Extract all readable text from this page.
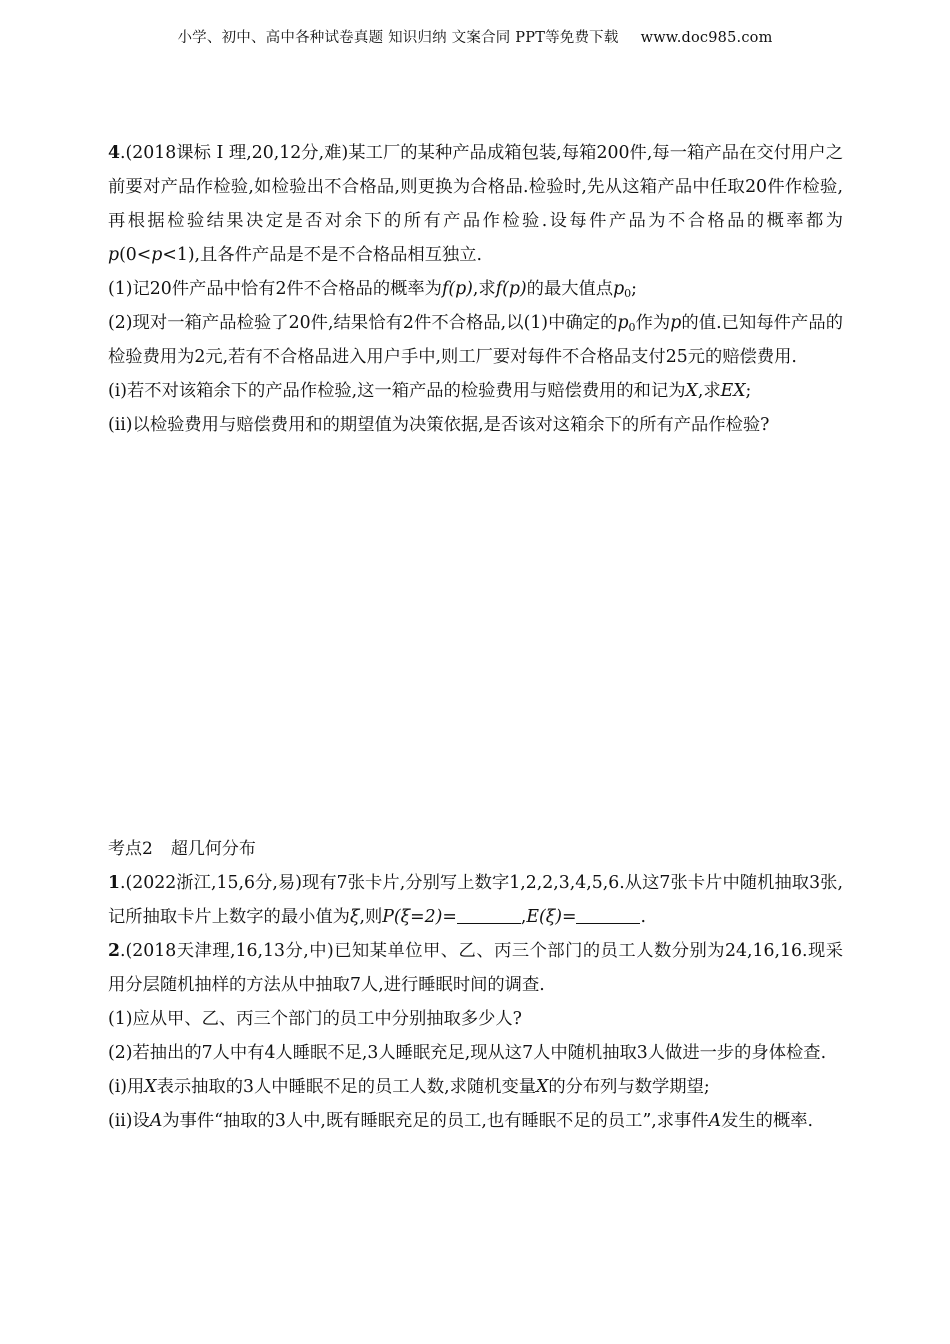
小学、初中、高中各种试卷真题 知识归纳 文案合同 PPT等免费下载 www.doc985.com

4.(2018课标 Ⅰ 理,20,12分,难)某工厂的某种产品成箱包装,每箱200件,每一箱产品在交付用户之前要对产品作检验,如检验出不合格品,则更换为合格品.检验时,先从这箱产品中任取20件作检验,再根据检验结果决定是否对余下的所有产品作检验.设每件产品为不合格品的概率都为p(0<p<1),且各件产品是不是不合格品相互独立.

(1)记20件产品中恰有2件不合格品的概率为f(p),求f(p)的最大值点$p_0$;

(2)现对一箱产品检验了20件,结果恰有2件不合格品,以(1)中确定的$p_0$作为p的值.已知每件产品的检验费用为2元,若有不合格品进入用户手中,则工厂要对每件不合格品支付25元的赔偿费用.

(i)若不对该箱余下的产品作检验,这一箱产品的检验费用与赔偿费用的和记为X,求EX;

(ii)以检验费用与赔偿费用和的期望值为决策依据,是否该对这箱余下的所有产品作检验?

考点2 超几何分布

1.(2022浙江,15,6分,易)现有7张卡片,分别写上数字1,2,2,3,4,5,6.从这7张卡片中随机抽取3张,记所抽取卡片上数字的最小值为ξ,则P(ξ=2)=	,E(ξ)=	.

2.(2018天津理,16,13分,中)已知某单位甲、乙、丙三个部门的员工人数分别为24,16,16.现采用分层随机抽样的方法从中抽取7人,进行睡眠时间的调查.

(1)应从甲、乙、丙三个部门的员工中分别抽取多少人?

(2)若抽出的7人中有4人睡眠不足,3人睡眠充足,现从这7人中随机抽取3人做进一步的身体检查.

(i)用X表示抽取的3人中睡眠不足的员工人数,求随机变量X的分布列与数学期望;

(ii)设A为事件“抽取的3人中,既有睡眠充足的员工,也有睡眠不足的员工”,求事件A发生的概率.
